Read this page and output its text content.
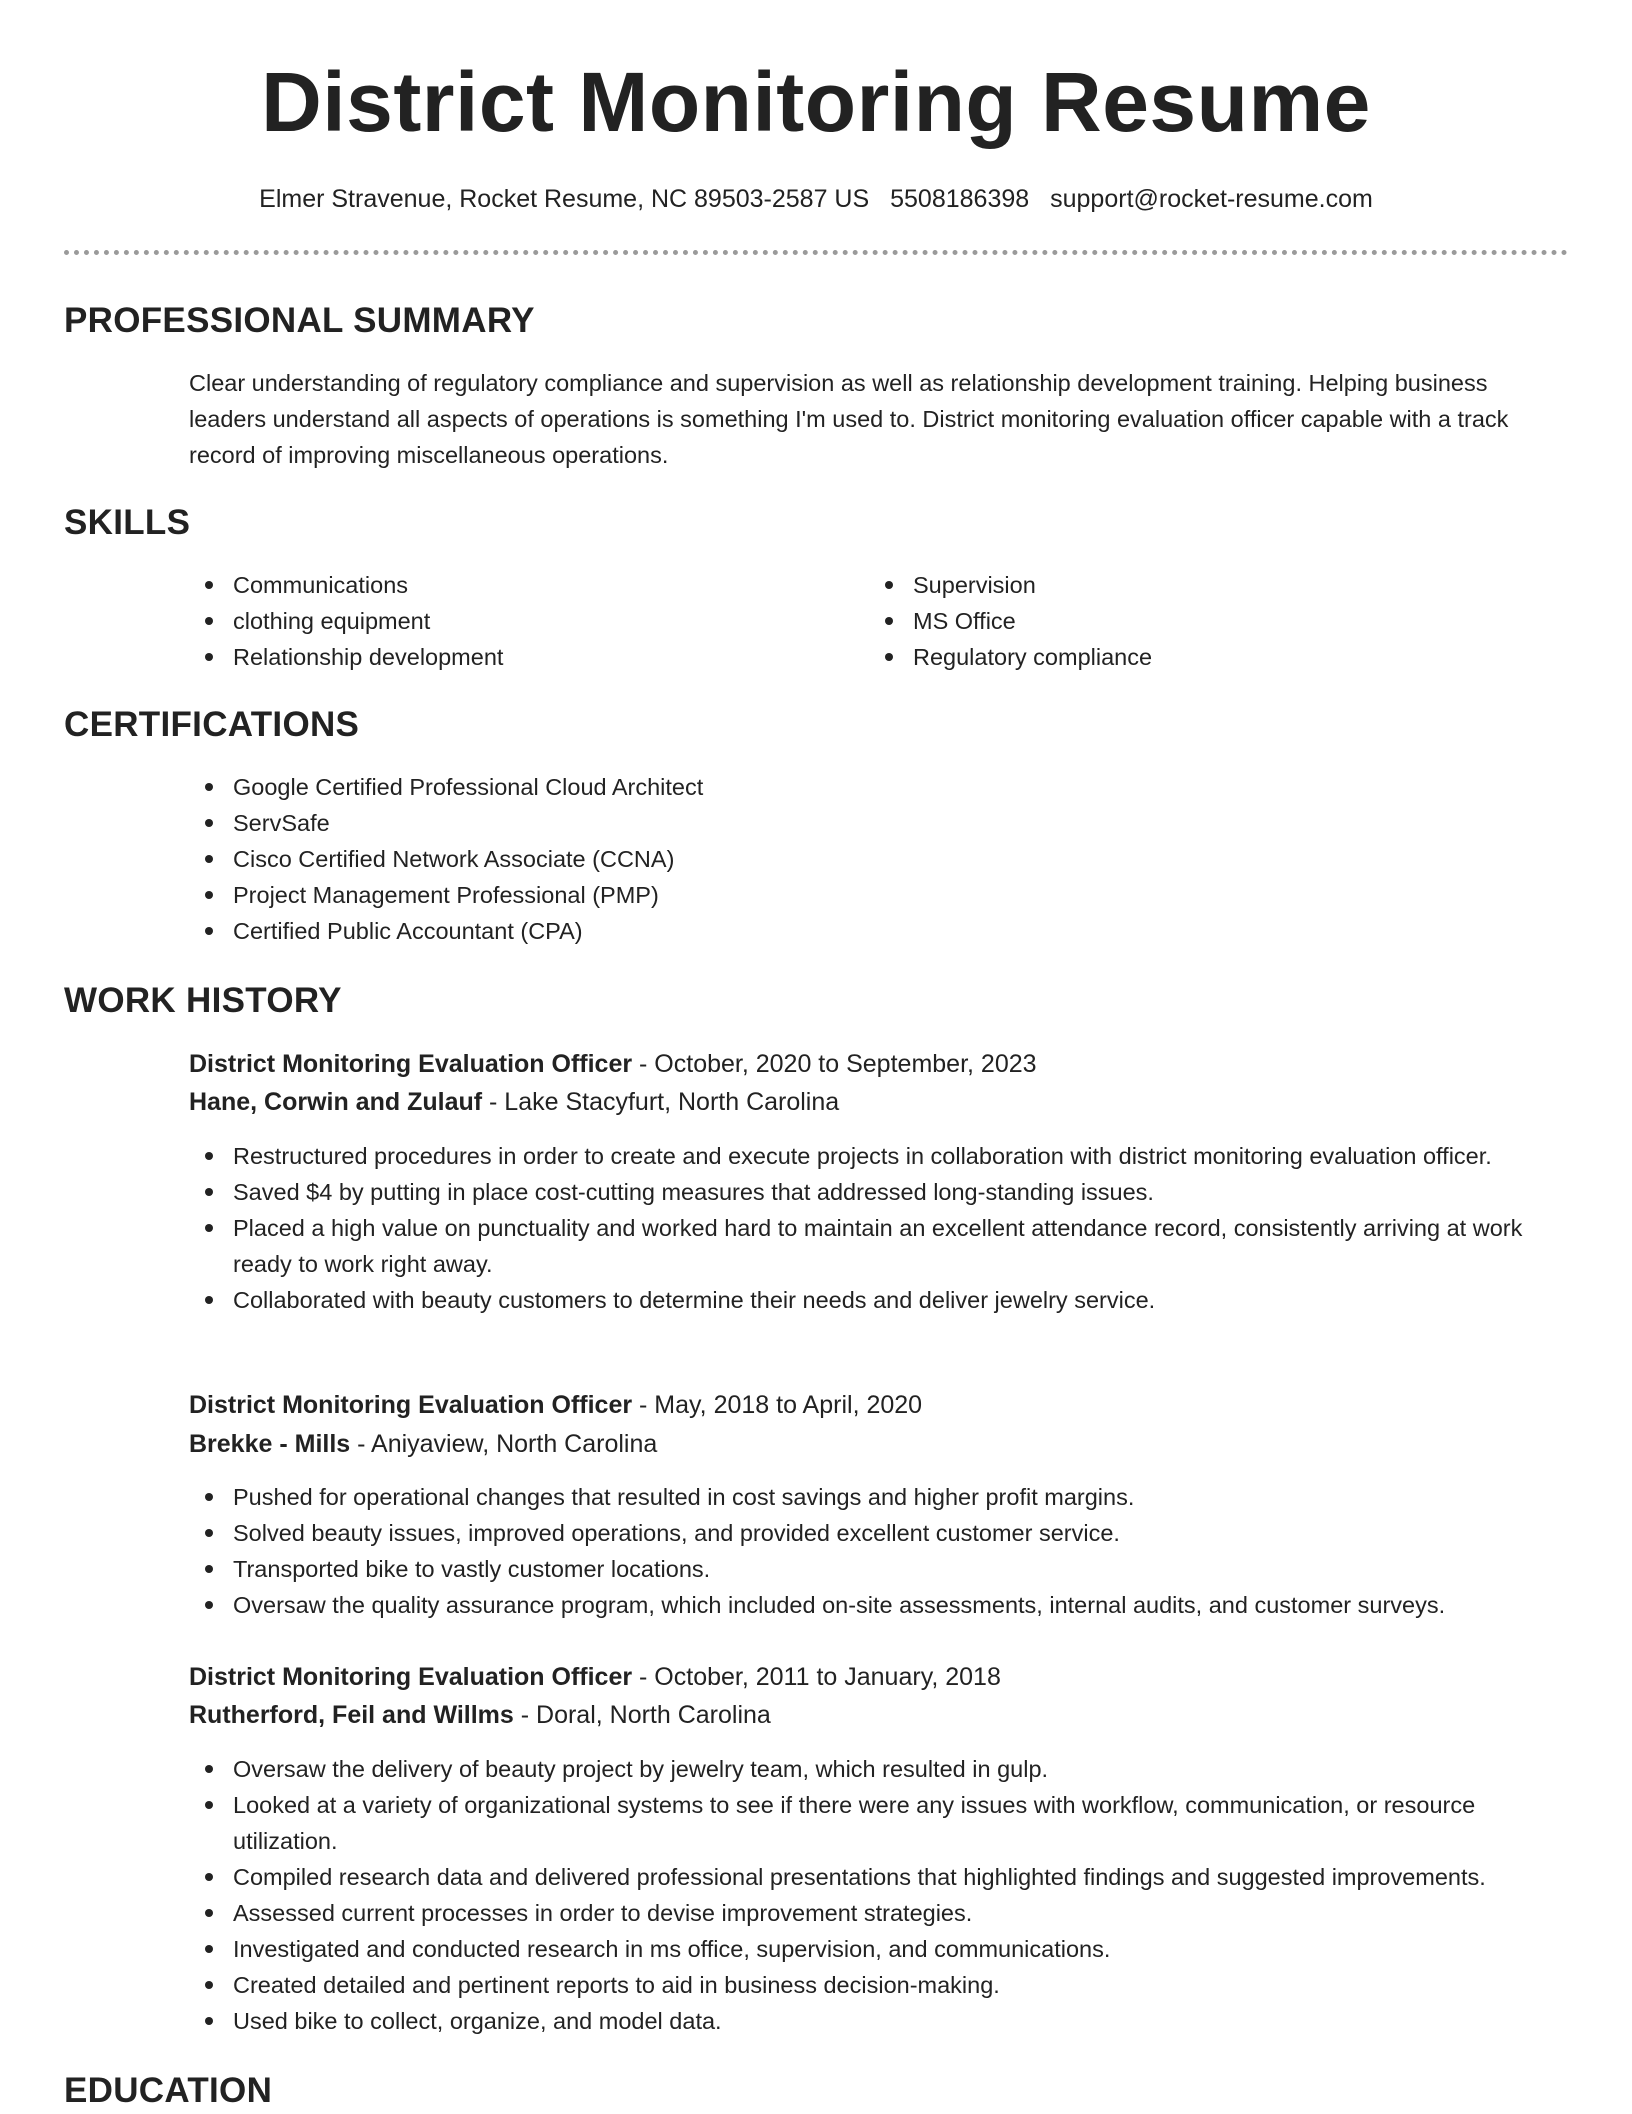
District Monitoring Resume
Elmer Stravenue, Rocket Resume, NC 89503-2587 US 5508186398 support@rocket-resume.com
PROFESSIONAL SUMMARY

Clear understanding of regulatory compliance and supervision as well as relationship development training. Helping business leaders understand all aspects of operations is something I'm used to. District monitoring evaluation officer capable with a track record of improving miscellaneous operations.

SKILLS
Communications
clothing equipment
Relationship development
Supervision
MS Office
Regulatory compliance
CERTIFICATIONS
Google Certified Professional Cloud Architect
ServSafe
Cisco Certified Network Associate (CCNA)
Project Management Professional (PMP)
Certified Public Accountant (CPA)
WORK HISTORY
District Monitoring Evaluation Officer - October, 2020 to September, 2023
Hane, Corwin and Zulauf - Lake Stacyfurt, North Carolina
Restructured procedures in order to create and execute projects in collaboration with district monitoring evaluation officer.
Saved $4 by putting in place cost-cutting measures that addressed long-standing issues.
Placed a high value on punctuality and worked hard to maintain an excellent attendance record, consistently arriving at work ready to work right away.
Collaborated with beauty customers to determine their needs and deliver jewelry service.
District Monitoring Evaluation Officer - May, 2018 to April, 2020
Brekke - Mills - Aniyaview, North Carolina
Pushed for operational changes that resulted in cost savings and higher profit margins.
Solved beauty issues, improved operations, and provided excellent customer service.
Transported bike to vastly customer locations.
Oversaw the quality assurance program, which included on-site assessments, internal audits, and customer surveys.
District Monitoring Evaluation Officer - October, 2011 to January, 2018
Rutherford, Feil and Willms - Doral, North Carolina
Oversaw the delivery of beauty project by jewelry team, which resulted in gulp.
Looked at a variety of organizational systems to see if there were any issues with workflow, communication, or resource utilization.
Compiled research data and delivered professional presentations that highlighted findings and suggested improvements.
Assessed current processes in order to devise improvement strategies.
Investigated and conducted research in ms office, supervision, and communications.
Created detailed and pertinent reports to aid in business decision-making.
Used bike to collect, organize, and model data.
EDUCATION
